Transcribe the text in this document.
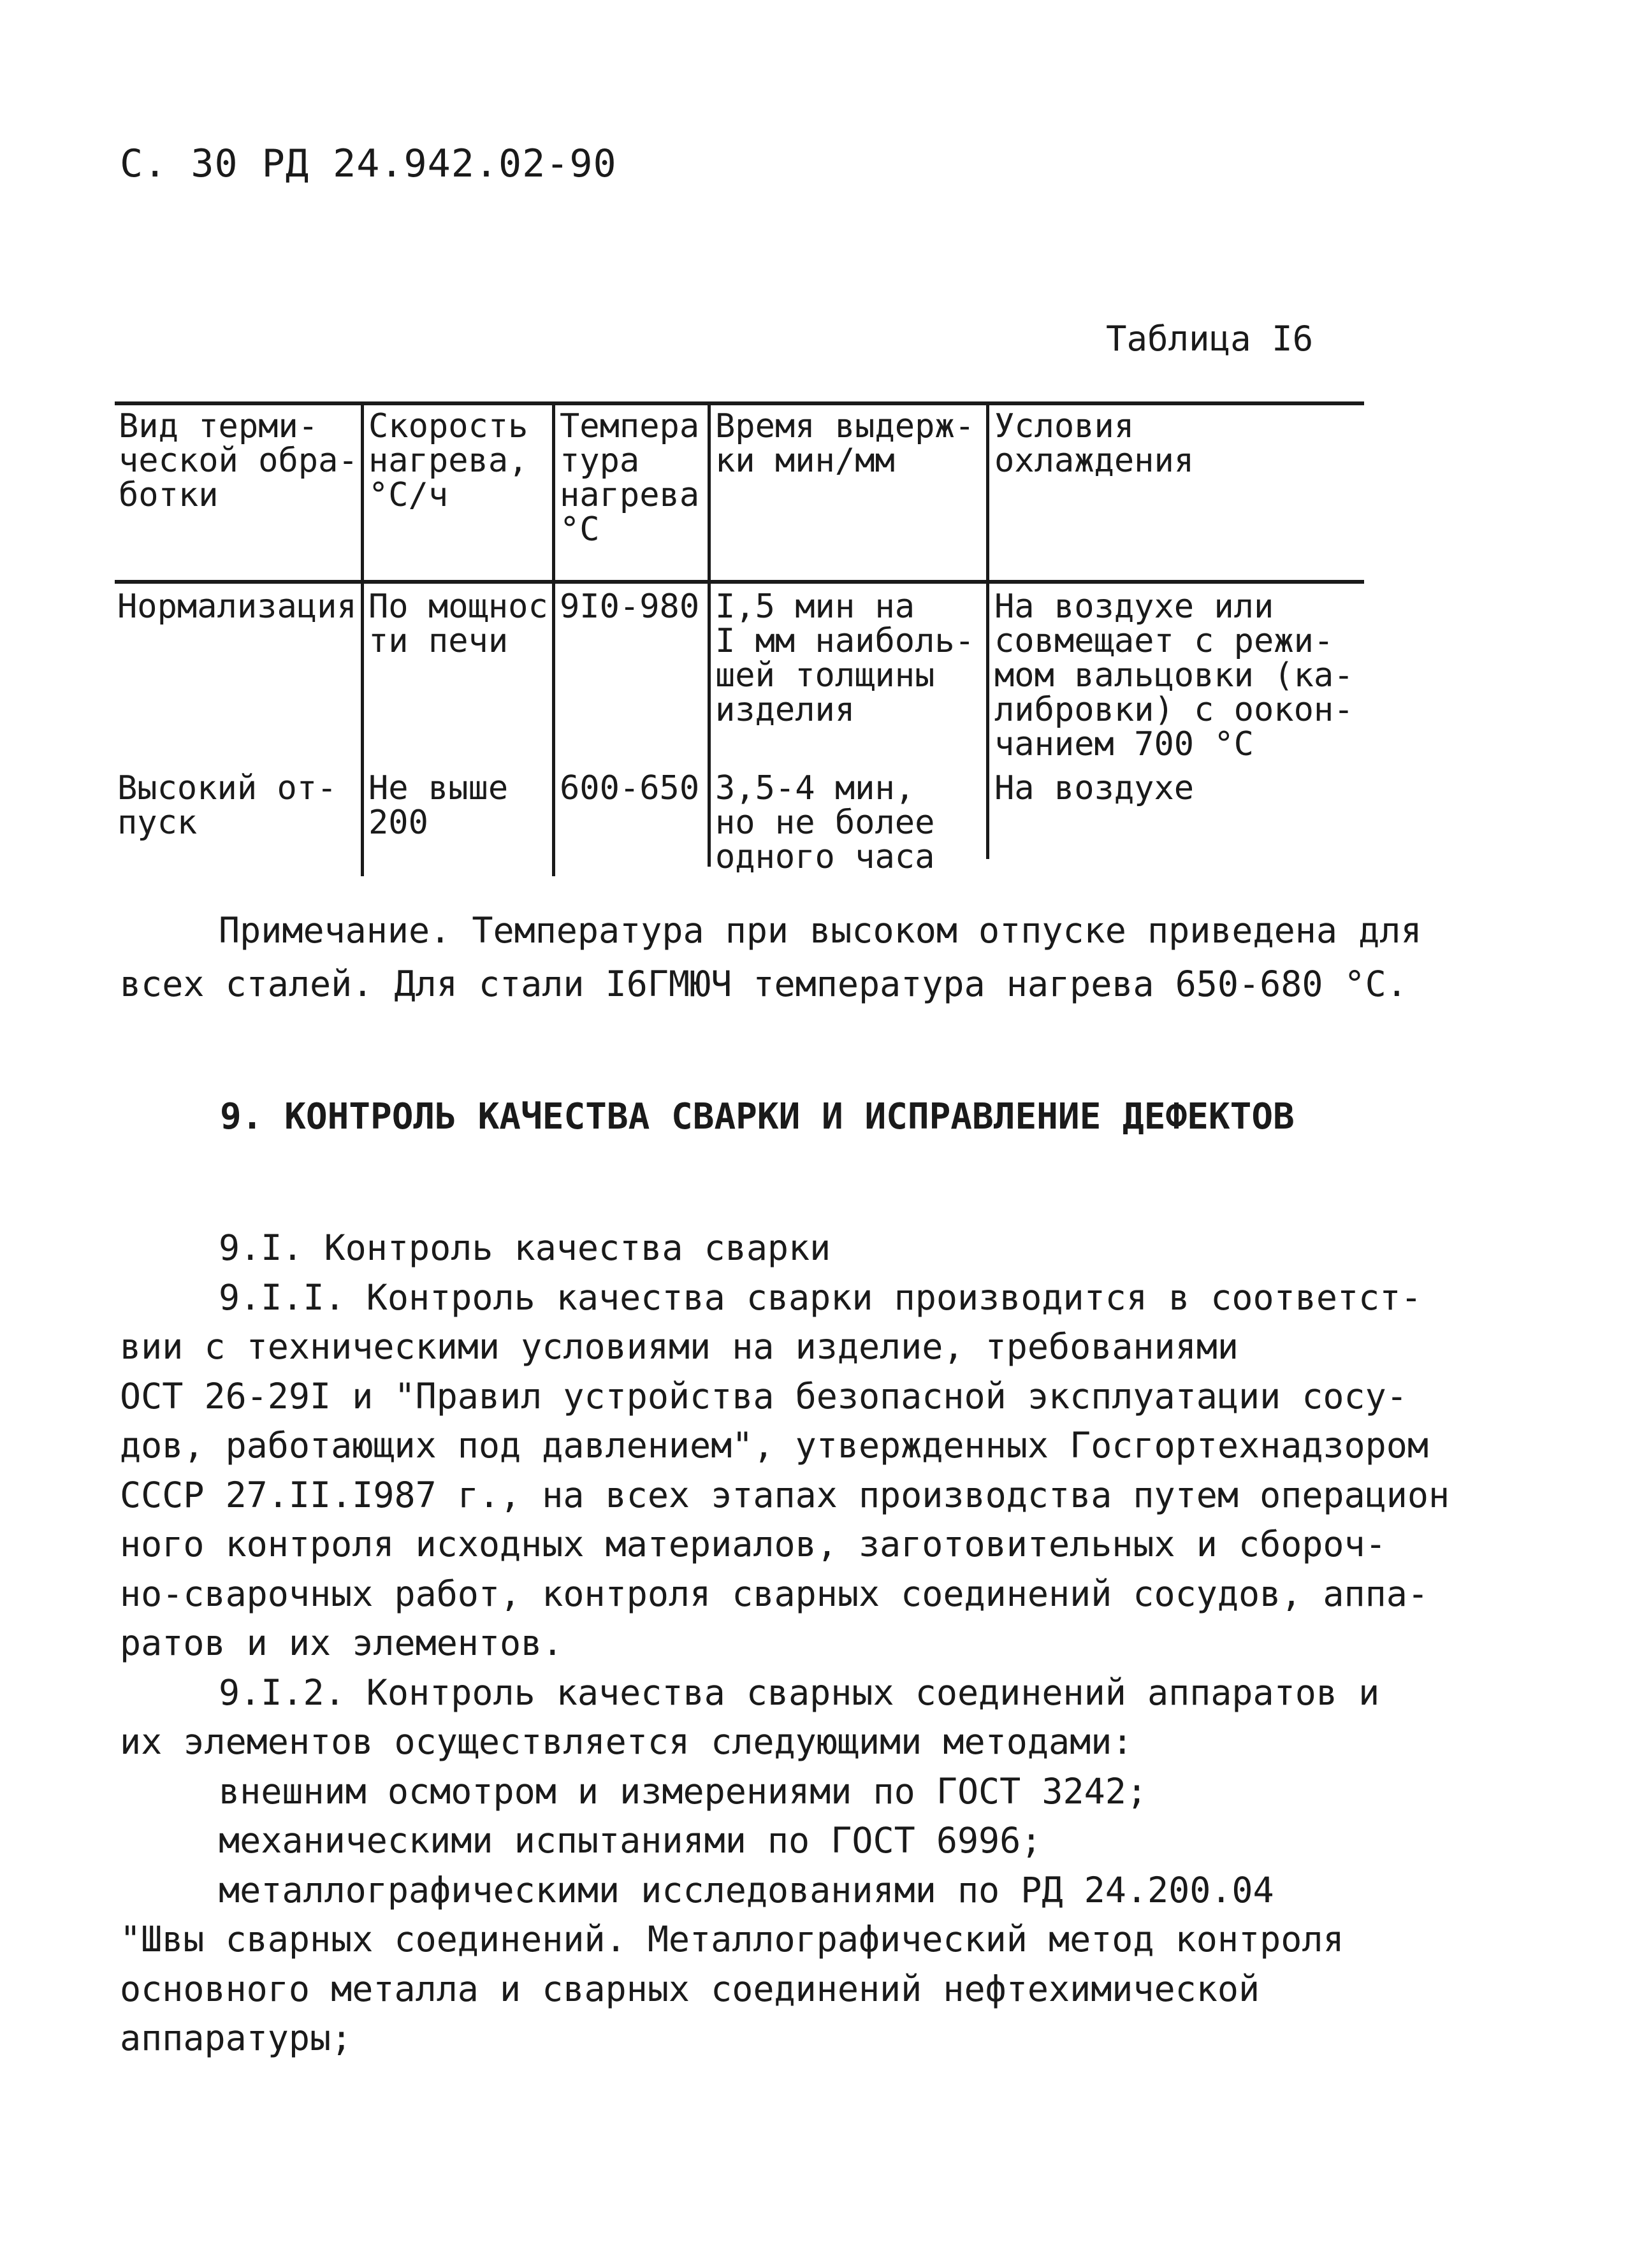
С. 30 РД 24.942.02-90
Таблица I6
Вид терми-
ческой обра-
ботки
Скорость
нагрева,
°С/ч
Темпера
тура
нагрева
°С
Время выдерж-
ки мин/мм
Условия
охлаждения
Нормализация По мощнос
ти печи
9I0-980 I,5 мин на
I мм наиболь-
шей толщины
изделия
На воздухе или
совмещает с режи-
мом вальцовки (ка-
либровки) с оокон-
чанием 700 °С
Высокий от-
пуск
Не выше
200
600-650 3,5-4 мин,
но не более
одного часа
На воздухе

Примечание. Температура при высоком отпуске приведена для

всех сталей. Для стали I6ГМЮЧ температура нагрева 650-680 °С.

9. КОНТРОЛЬ КАЧЕСТВА СВАРКИ И ИСПРАВЛЕНИЕ ДЕФЕКТОВ

9.I. Контроль качества сварки

9.I.I. Контроль качества сварки производится в соответст-

вии с техническими условиями на изделие, требованиями

ОСТ 26-29I и "Правил устройства безопасной эксплуатации сосу-

дов, работающих под давлением", утвержденных Госгортехнадзором

СССР 27.II.I987 г., на всех этапах производства путем операцион

ного контроля исходных материалов, заготовительных и сбороч-

но-сварочных работ, контроля сварных соединений сосудов, аппа-

ратов и их элементов.

9.I.2. Контроль качества сварных соединений аппаратов и

их элементов осуществляется следующими методами:

внешним осмотром и измерениями по ГОСТ 3242;

механическими испытаниями по ГОСТ 6996;

металлографическими исследованиями по РД 24.200.04

"Швы сварных соединений. Металлографический метод контроля

основного металла и сварных соединений нефтехимической

аппаратуры;
